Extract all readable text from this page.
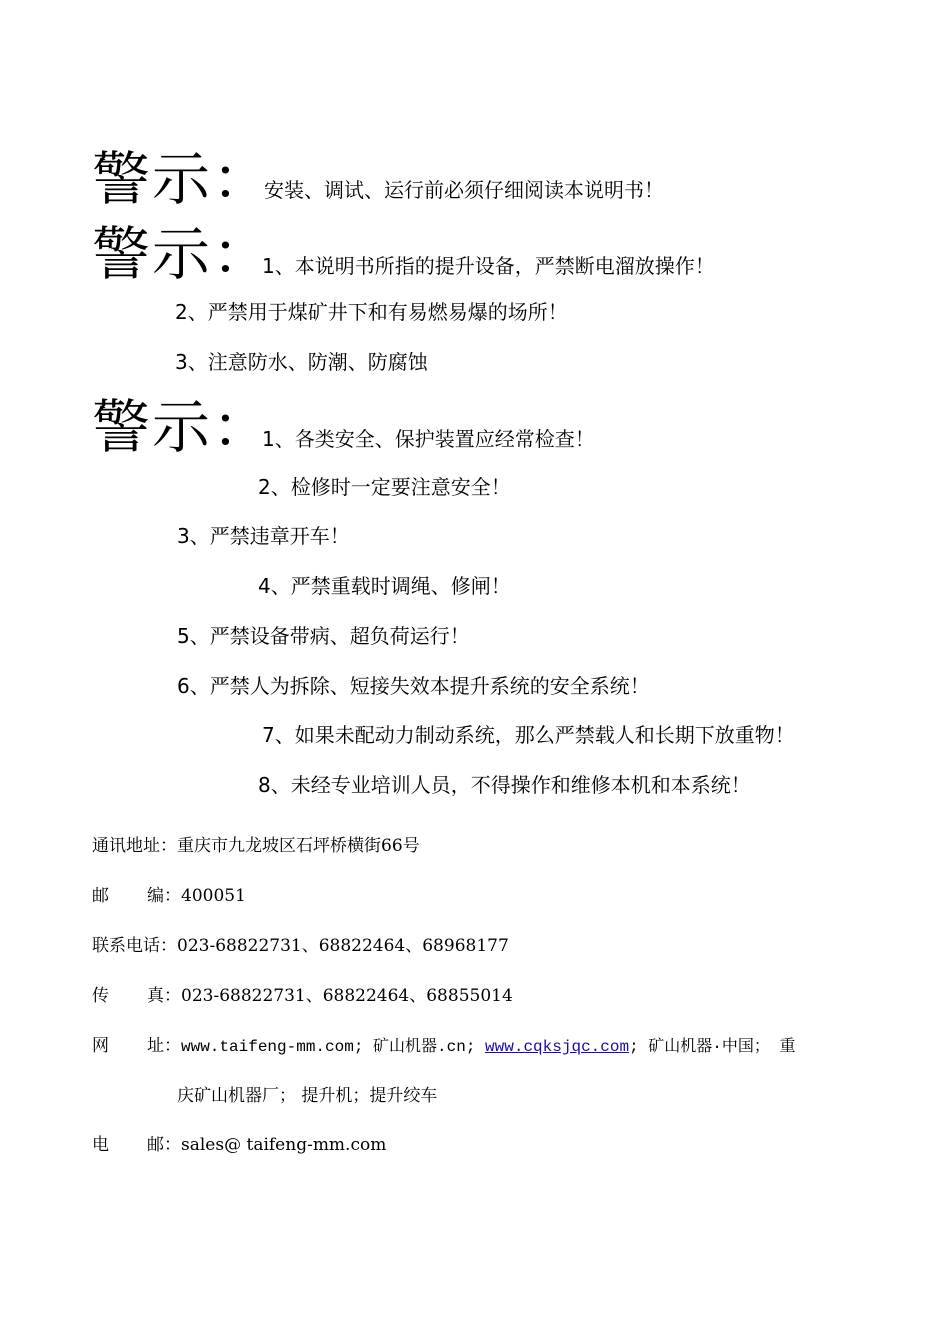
警示：
安装、调试、运行前必须仔细阅读本说明书！
警示：
1、本说明书所指的提升设备，严禁断电溜放操作！
2、严禁用于煤矿井下和有易燃易爆的场所！
3、注意防水、防潮、防腐蚀
警示：
1、各类安全、保护装置应经常检查！
2、检修时一定要注意安全！
3、严禁违章开车！
4、严禁重载时调绳、修闸！
5、严禁设备带病、超负荷运行！
6、严禁人为拆除、短接失效本提升系统的安全系统！
7、如果未配动力制动系统，那么严禁载人和长期下放重物！
8、未经专业培训人员，不得操作和维修本机和本系统！
通讯地址：重庆市九龙坡区石坪桥横街66号
邮 编：400051
联系电话：023-68822731、68822464、68968177
传 真：023-68822731、68822464、68855014
网 址：www.taifeng-mm.com; 矿山机器.cn; www.cqksjqc.com; 矿山机器·中国； 重
庆矿山机器厂； 提升机；提升绞车
电 邮：sales@ taifeng-mm.com
